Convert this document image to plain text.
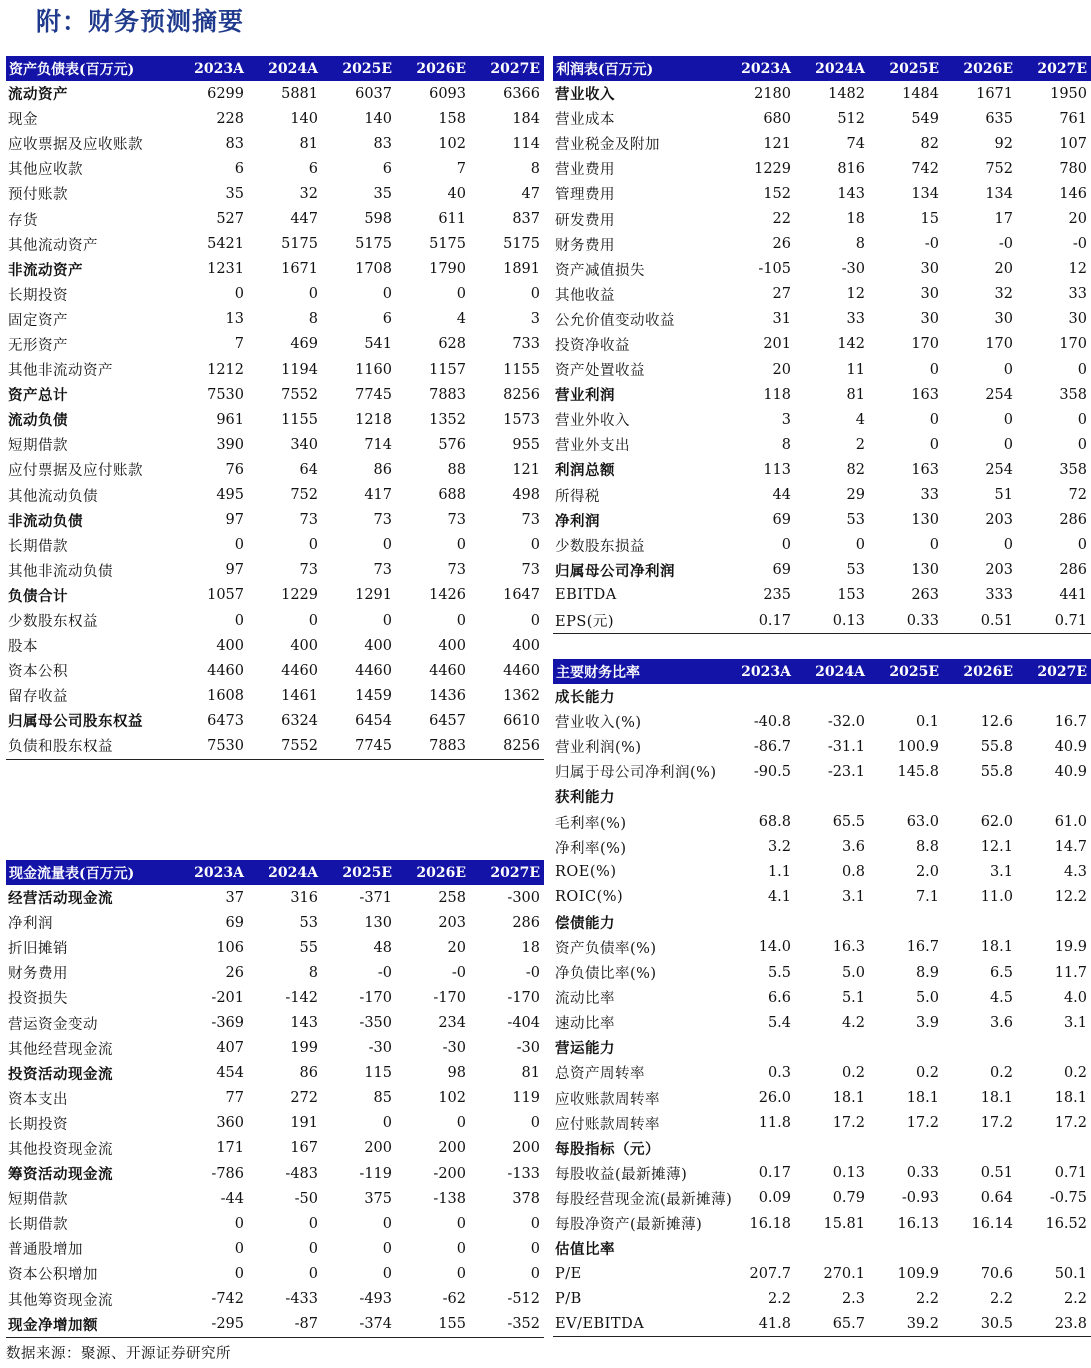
附：财务预测摘要
资产负债表(百万元)	2023A	2024A	2025E	2026E	2027E
流动资产	6299	5881	6037	6093	6366
现金	228	140	140	158	184
应收票据及应收账款	83	81	83	102	114
其他应收款	6	6	6	7	8
预付账款	35	32	35	40	47
存货	527	447	598	611	837
其他流动资产	5421	5175	5175	5175	5175
非流动资产	1231	1671	1708	1790	1891
长期投资	0	0	0	0	0
固定资产	13	8	6	4	3
无形资产	7	469	541	628	733
其他非流动资产	1212	1194	1160	1157	1155
资产总计	7530	7552	7745	7883	8256
流动负债	961	1155	1218	1352	1573
短期借款	390	340	714	576	955
应付票据及应付账款	76	64	86	88	121
其他流动负债	495	752	417	688	498
非流动负债	97	73	73	73	73
长期借款	0	0	0	0	0
其他非流动负债	97	73	73	73	73
负债合计	1057	1229	1291	1426	1647
少数股东权益	0	0	0	0	0
股本	400	400	400	400	400
资本公积	4460	4460	4460	4460	4460
留存收益	1608	1461	1459	1436	1362
归属母公司股东权益	6473	6324	6454	6457	6610
负债和股东权益	7530	7552	7745	7883	8256
利润表(百万元)	2023A	2024A	2025E	2026E	2027E
营业收入	2180	1482	1484	1671	1950
营业成本	680	512	549	635	761
营业税金及附加	121	74	82	92	107
营业费用	1229	816	742	752	780
管理费用	152	143	134	134	146
研发费用	22	18	15	17	20
财务费用	26	8	-0	-0	-0
资产减值损失	-105	-30	30	20	12
其他收益	27	12	30	32	33
公允价值变动收益	31	33	30	30	30
投资净收益	201	142	170	170	170
资产处置收益	20	11	0	0	0
营业利润	118	81	163	254	358
营业外收入	3	4	0	0	0
营业外支出	8	2	0	0	0
利润总额	113	82	163	254	358
所得税	44	29	33	51	72
净利润	69	53	130	203	286
少数股东损益	0	0	0	0	0
归属母公司净利润	69	53	130	203	286
EBITDA	235	153	263	333	441
EPS(元)	0.17	0.13	0.33	0.51	0.71
主要财务比率	2023A	2024A	2025E	2026E	2027E
成长能力					
营业收入(%)	-40.8	-32.0	0.1	12.6	16.7
营业利润(%)	-86.7	-31.1	100.9	55.8	40.9
归属于母公司净利润(%)	-90.5	-23.1	145.8	55.8	40.9
获利能力					
毛利率(%)	68.8	65.5	63.0	62.0	61.0
净利率(%)	3.2	3.6	8.8	12.1	14.7
ROE(%)	1.1	0.8	2.0	3.1	4.3
ROIC(%)	4.1	3.1	7.1	11.0	12.2
偿债能力					
资产负债率(%)	14.0	16.3	16.7	18.1	19.9
净负债比率(%)	5.5	5.0	8.9	6.5	11.7
流动比率	6.6	5.1	5.0	4.5	4.0
速动比率	5.4	4.2	3.9	3.6	3.1
营运能力					
总资产周转率	0.3	0.2	0.2	0.2	0.2
应收账款周转率	26.0	18.1	18.1	18.1	18.1
应付账款周转率	11.8	17.2	17.2	17.2	17.2
每股指标（元）					
每股收益(最新摊薄)	0.17	0.13	0.33	0.51	0.71
每股经营现金流(最新摊薄)	0.09	0.79	-0.93	0.64	-0.75
每股净资产(最新摊薄)	16.18	15.81	16.13	16.14	16.52
估值比率					
P/E	207.7	270.1	109.9	70.6	50.1
P/B	2.2	2.3	2.2	2.2	2.2
EV/EBITDA	41.8	65.7	39.2	30.5	23.8
现金流量表(百万元)	2023A	2024A	2025E	2026E	2027E
经营活动现金流	37	316	-371	258	-300
净利润	69	53	130	203	286
折旧摊销	106	55	48	20	18
财务费用	26	8	-0	-0	-0
投资损失	-201	-142	-170	-170	-170
营运资金变动	-369	143	-350	234	-404
其他经营现金流	407	199	-30	-30	-30
投资活动现金流	454	86	115	98	81
资本支出	77	272	85	102	119
长期投资	360	191	0	0	0
其他投资现金流	171	167	200	200	200
筹资活动现金流	-786	-483	-119	-200	-133
短期借款	-44	-50	375	-138	378
长期借款	0	0	0	0	0
普通股增加	0	0	0	0	0
资本公积增加	0	0	0	0	0
其他筹资现金流	-742	-433	-493	-62	-512
现金净增加额	-295	-87	-374	155	-352
数据来源：聚源、开源证券研究所
